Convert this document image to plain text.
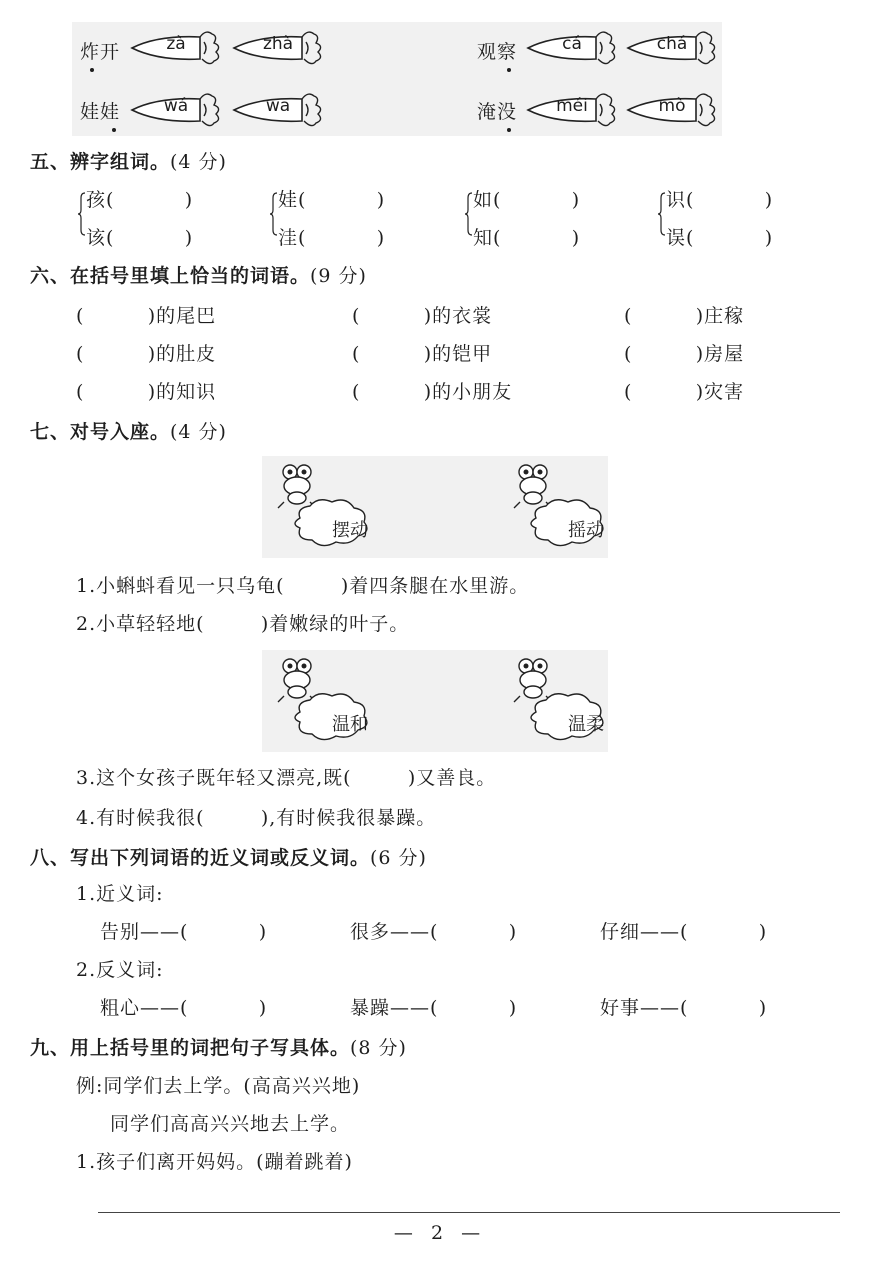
炸开	zà	zhà	观察	cá	chá
娃娃	wá	wa	淹没	méi	mò
五、辨字组词。(4 分)
孩(          )
该(          )
娃(          )
洼(          )
如(          )
知(          )
识(          )
误(          )
六、在括号里填上恰当的词语。(9 分)
(         )的尾巴	(         )的衣裳	(         )庄稼
(         )的肚皮	(         )的铠甲	(         )房屋
(         )的知识	(         )的小朋友	(         )灾害
七、对号入座。(4 分)
摆动	摇动
1.小蝌蚪看见一只乌龟(        )着四条腿在水里游。
2.小草轻轻地(        )着嫩绿的叶子。
温和	温柔
3.这个女孩子既年轻又漂亮,既(        )又善良。
4.有时候我很(        ),有时候我很暴躁。
八、写出下列词语的近义词或反义词。(6 分)
1.近义词:
告别——(          )	很多——(          )	仔细——(          )
2.反义词:
粗心——(          )	暴躁——(          )	好事——(          )
九、用上括号里的词把句子写具体。(8 分)
例:同学们去上学。(高高兴兴地)
同学们高高兴兴地去上学。
1.孩子们离开妈妈。(蹦着跳着)
— 2 —
